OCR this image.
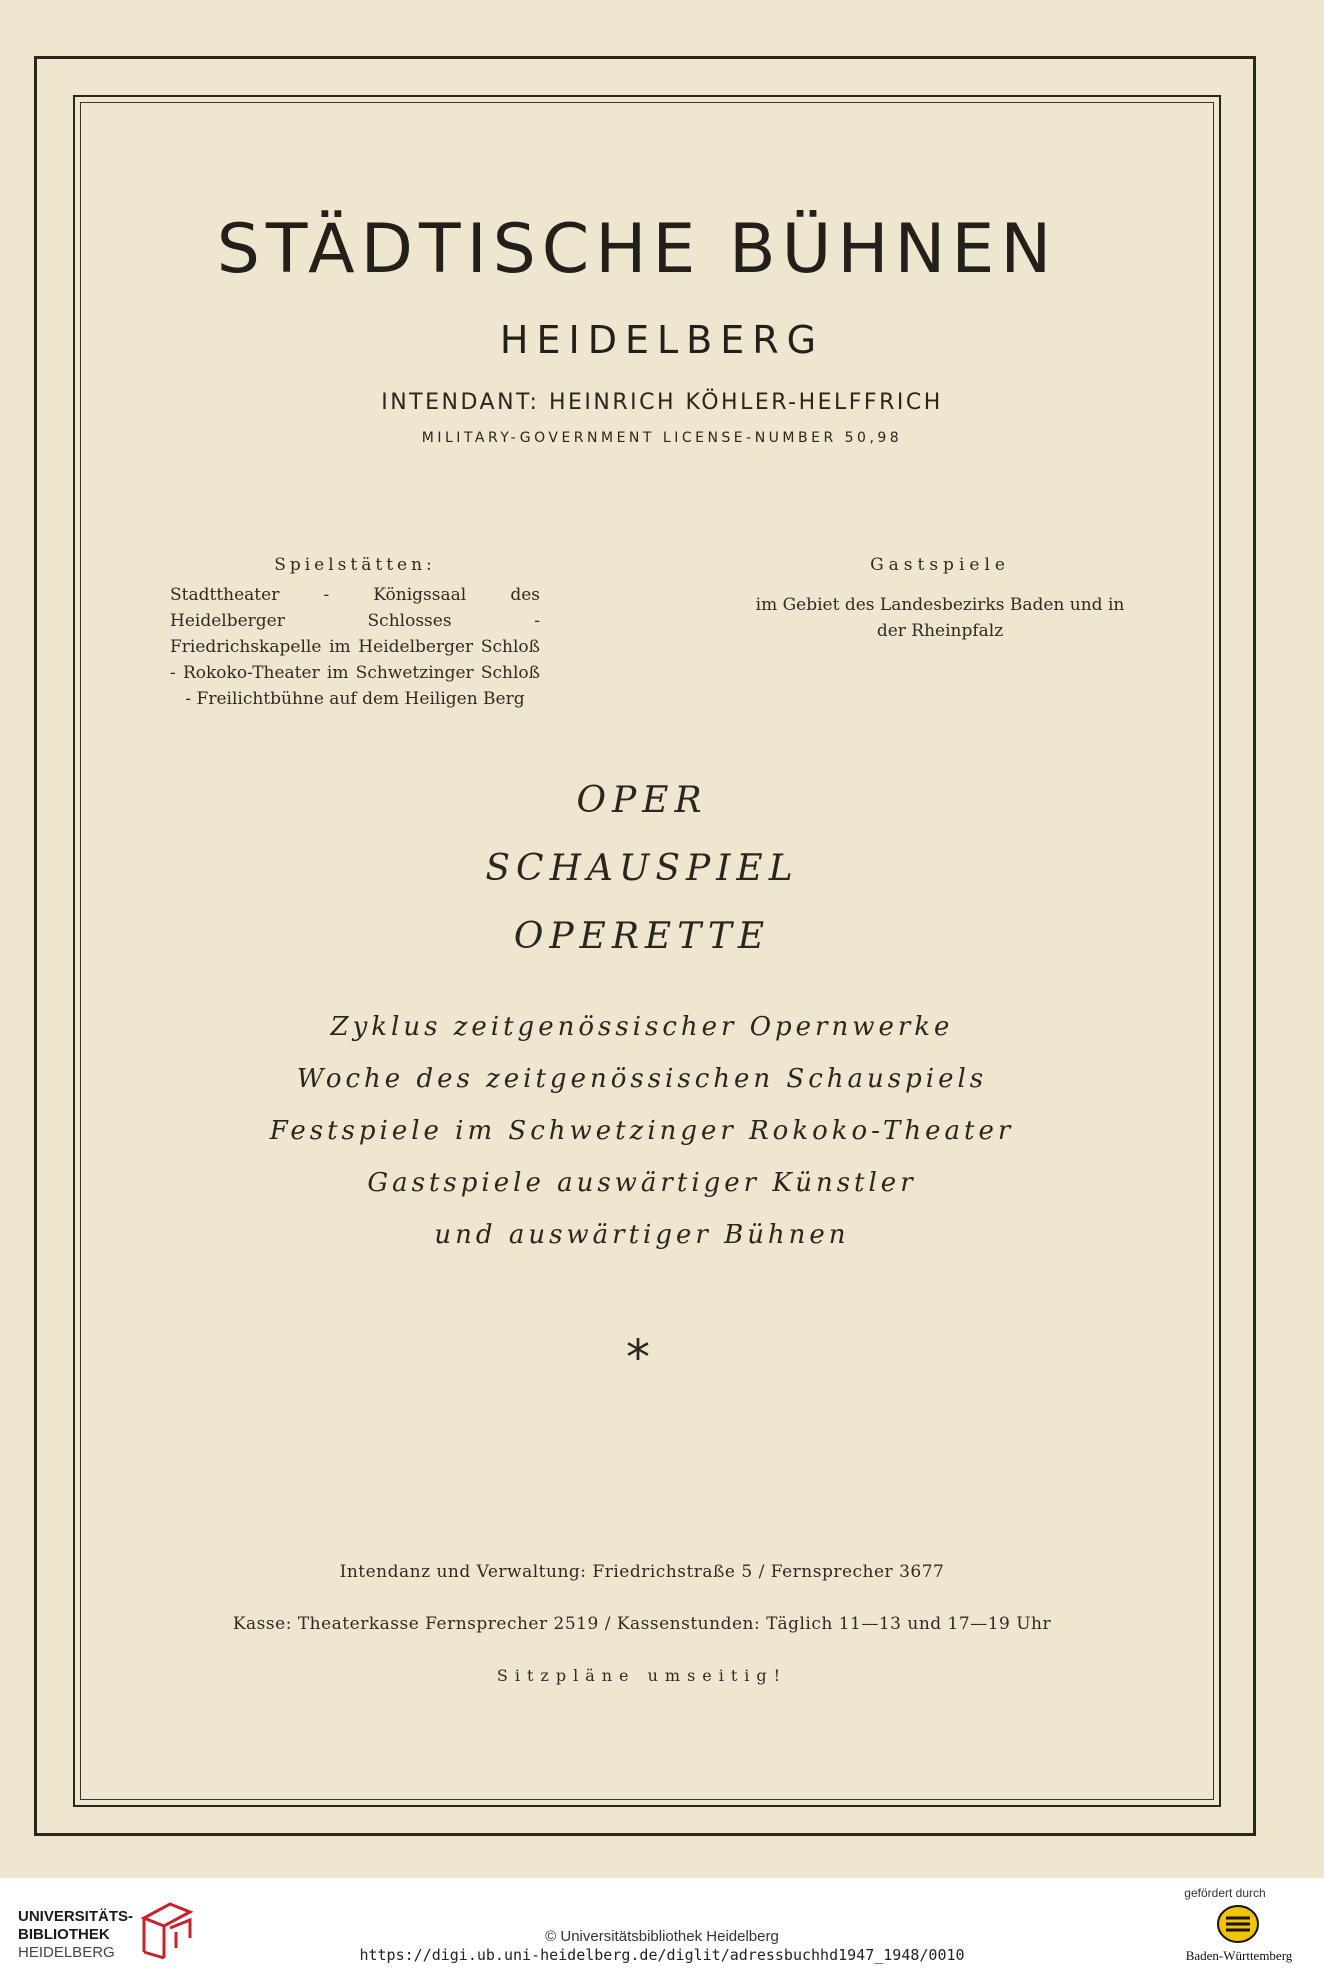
STÄDTISCHE BÜHNEN
HEIDELBERG
INTENDANT: HEINRICH KÖHLER-HELFFRICH
MILITARY-GOVERNMENT LICENSE-NUMBER 50,98
Spielstätten:
Stadttheater - Königssaal des Heidelberger Schlosses - Friedrichskapelle im Heidelberger Schloß - Rokoko-Theater im Schwetzinger Schloß - Freilichtbühne auf dem Heiligen Berg
Gastspiele
im Gebiet des Landesbezirks Baden und in der Rheinpfalz
OPER
SCHAUSPIEL
OPERETTE
Zyklus zeitgenössischer Opernwerke
Woche des zeitgenössischen Schauspiels
Festspiele im Schwetzinger Rokoko-Theater
Gastspiele auswärtiger Künstler
und auswärtiger Bühnen
*
Intendanz und Verwaltung: Friedrichstraße 5 / Fernsprecher 3677
Kasse: Theaterkasse Fernsprecher 2519 / Kassenstunden: Täglich 11—13 und 17—19 Uhr
Sitzpläne umseitig!
UNIVERSITÄTS-
BIBLIOTHEK
HEIDELBERG
© Universitätsbibliothek Heidelberg
https://digi.ub.uni-heidelberg.de/diglit/adressbuchhd1947_1948/0010
gefördert durch
Baden-Württemberg
